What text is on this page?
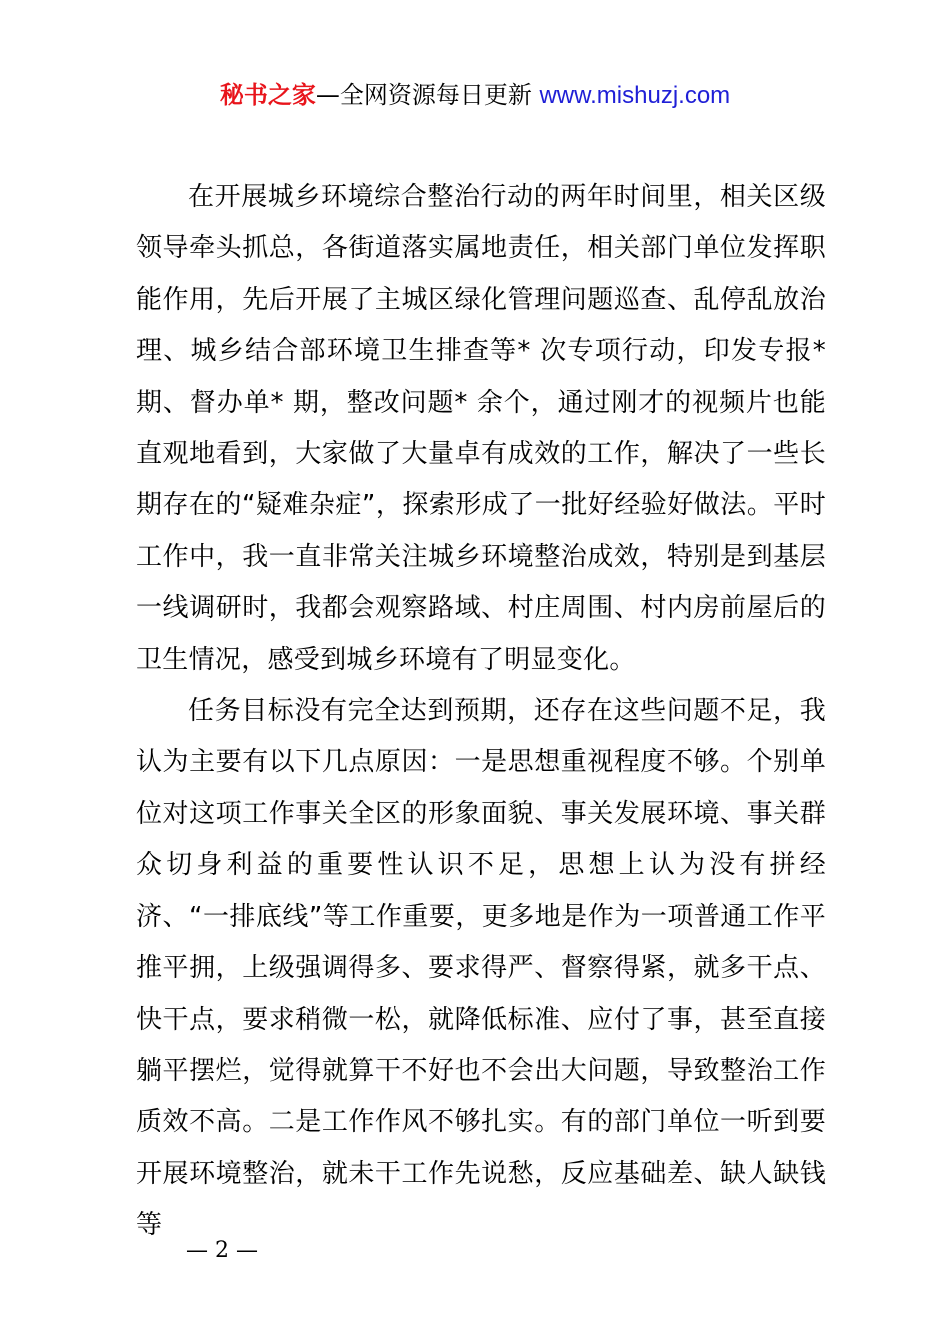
秘书之家—全网资源每日更新 www.mishuzj.com

在开展城乡环境综合整治行动的两年时间里，相关区级领导牵头抓总，各街道落实属地责任，相关部门单位发挥职能作用，先后开展了主城区绿化管理问题巡查、乱停乱放治理、城乡结合部环境卫生排查等* 次专项行动，印发专报* 期、督办单* 期，整改问题* 余个，通过刚才的视频片也能直观地看到，大家做了大量卓有成效的工作，解决了一些长期存在的“疑难杂症”，探索形成了一批好经验好做法。平时工作中，我一直非常关注城乡环境整治成效，特别是到基层一线调研时，我都会观察路域、村庄周围、村内房前屋后的卫生情况，感受到城乡环境有了明显变化。

任务目标没有完全达到预期，还存在这些问题不足，我认为主要有以下几点原因：一是思想重视程度不够。个别单位对这项工作事关全区的形象面貌、事关发展环境、事关群众切身利益的重要性认识不足，思想上认为没有拼经济、“一排底线”等工作重要，更多地是作为一项普通工作平推平拥，上级强调得多、要求得严、督察得紧，就多干点、快干点，要求稍微一松，就降低标准、应付了事，甚至直接躺平摆烂，觉得就算干不好也不会出大问题，导致整治工作质效不高。二是工作作风不够扎实。有的部门单位一听到要开展环境整治，就未干工作先说愁，反应基础差、缺人缺钱等

— 2 —
